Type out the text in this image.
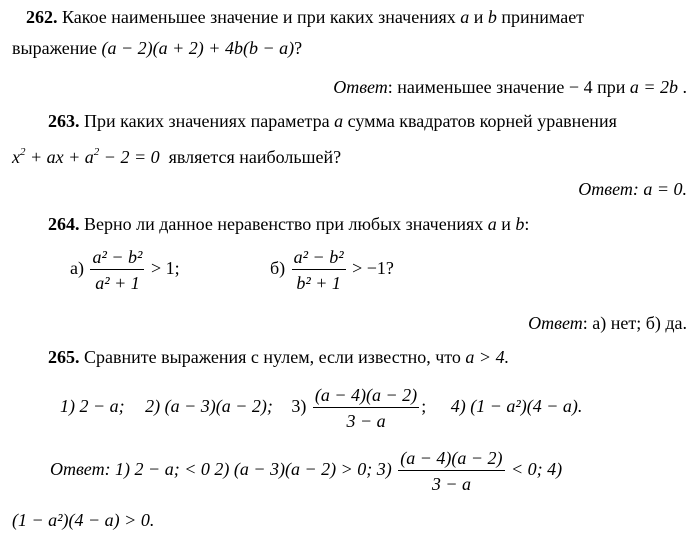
262. Какое наименьшее значение и при каких значениях a и b принимает
выражение (a − 2)(a + 2) + 4b(b − a)?
Ответ: наименьшее значение − 4 при a = 2b .
263. При каких значениях параметра a сумма квадратов корней уравнения
$x^2$ + ax + $a^2 - 2 = 0$ является наибольшей?
Ответ: a = 0.
264. Верно ли данное неравенство при любых значениях a и b:
$а) \frac{\text{a² − b²}}{\text{a² + 1}} > 1$;	$б) \frac{\text{a² − b²}}{\text{b² + 1}} > -1$?
Ответ: а) нет; б) да.
265. Сравните выражения с нулем, если известно, что a > 4.
1) 2 − a; 2) (a − 3)(a − 2); $3) \frac{(a - 4)(a - 2)}{3 - a}$ ; 4) (1 − a²)(4 − a).
Ответ: 1) 2 − a; < 0 2) (a − 3)(a − 2) > 0; $3) \frac{(a - 4)(a - 2)}{3 - a} < 0$; 4)
(1 − a²)(4 − a) > 0.
